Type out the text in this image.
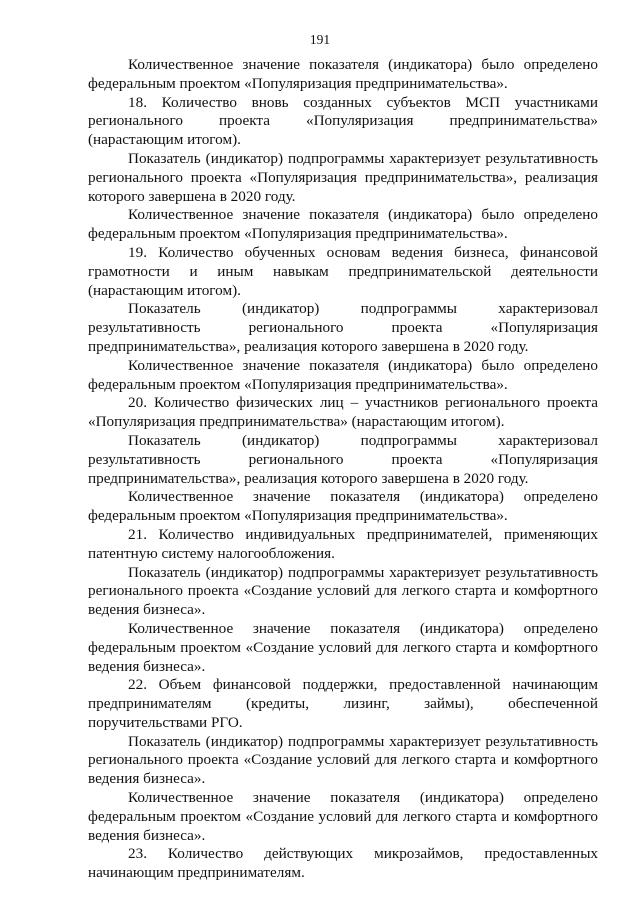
191

Количественное значение показателя (индикатора) было определено федеральным проектом «Популяризация предпринимательства».

18. Количество вновь созданных субъектов МСП участниками регионального проекта «Популяризация предпринимательства» (нарастающим итогом).

Показатель (индикатор) подпрограммы характеризует результативность регионального проекта «Популяризация предпринимательства», реализация которого завершена в 2020 году.

Количественное значение показателя (индикатора) было определено федеральным проектом «Популяризация предпринимательства».

19. Количество обученных основам ведения бизнеса, финансовой грамотности и иным навыкам предпринимательской деятельности (нарастающим итогом).

Показатель (индикатор) подпрограммы характеризовал результативность регионального проекта «Популяризация предпринимательства», реализация которого завершена в 2020 году.

Количественное значение показателя (индикатора) было определено федеральным проектом «Популяризация предпринимательства».

20. Количество физических лиц – участников регионального проекта «Популяризация предпринимательства» (нарастающим итогом).

Показатель (индикатор) подпрограммы характеризовал результативность регионального проекта «Популяризация предпринимательства», реализация которого завершена в 2020 году.

Количественное значение показателя (индикатора) определено федеральным проектом «Популяризация предпринимательства».

21. Количество индивидуальных предпринимателей, применяющих патентную систему налогообложения.

Показатель (индикатор) подпрограммы характеризует результативность регионального проекта «Создание условий для легкого старта и комфортного ведения бизнеса».

Количественное значение показателя (индикатора) определено федеральным проектом «Создание условий для легкого старта и комфортного ведения бизнеса».

22. Объем финансовой поддержки, предоставленной начинающим предпринимателям (кредиты, лизинг, займы), обеспеченной поручительствами РГО.

Показатель (индикатор) подпрограммы характеризует результативность регионального проекта «Создание условий для легкого старта и комфортного ведения бизнеса».

Количественное значение показателя (индикатора) определено федеральным проектом «Создание условий для легкого старта и комфортного ведения бизнеса».

23. Количество действующих микрозаймов, предоставленных начинающим предпринимателям.
